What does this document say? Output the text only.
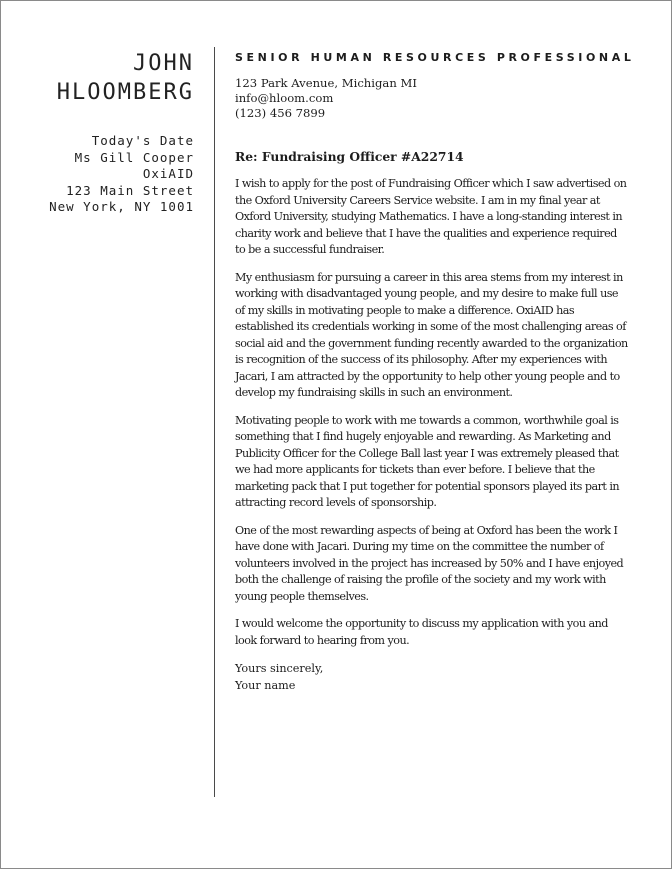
JOHN
HLOOMBERG
Today's Date
Ms Gill Cooper
OxiAID
123 Main Street
New York, NY 1001
SENIOR HUMAN RESOURCES PROFESSIONAL
123 Park Avenue, Michigan MI
info@hloom.com
(123) 456 7899
Re: Fundraising Officer #A22714
I wish to apply for the post of Fundraising Officer which I saw advertised on
the Oxford University Careers Service website. I am in my final year at
Oxford University, studying Mathematics. I have a long-standing interest in
charity work and believe that I have the qualities and experience required
to be a successful fundraiser.
My enthusiasm for pursuing a career in this area stems from my interest in
working with disadvantaged young people, and my desire to make full use
of my skills in motivating people to make a difference. OxiAID has
established its credentials working in some of the most challenging areas of
social aid and the government funding recently awarded to the organization
is recognition of the success of its philosophy. After my experiences with
Jacari, I am attracted by the opportunity to help other young people and to
develop my fundraising skills in such an environment.
Motivating people to work with me towards a common, worthwhile goal is
something that I find hugely enjoyable and rewarding. As Marketing and
Publicity Officer for the College Ball last year I was extremely pleased that
we had more applicants for tickets than ever before. I believe that the
marketing pack that I put together for potential sponsors played its part in
attracting record levels of sponsorship.
One of the most rewarding aspects of being at Oxford has been the work I
have done with Jacari. During my time on the committee the number of
volunteers involved in the project has increased by 50% and I have enjoyed
both the challenge of raising the profile of the society and my work with
young people themselves.
I would welcome the opportunity to discuss my application with you and
look forward to hearing from you.
Yours sincerely,
Your name
